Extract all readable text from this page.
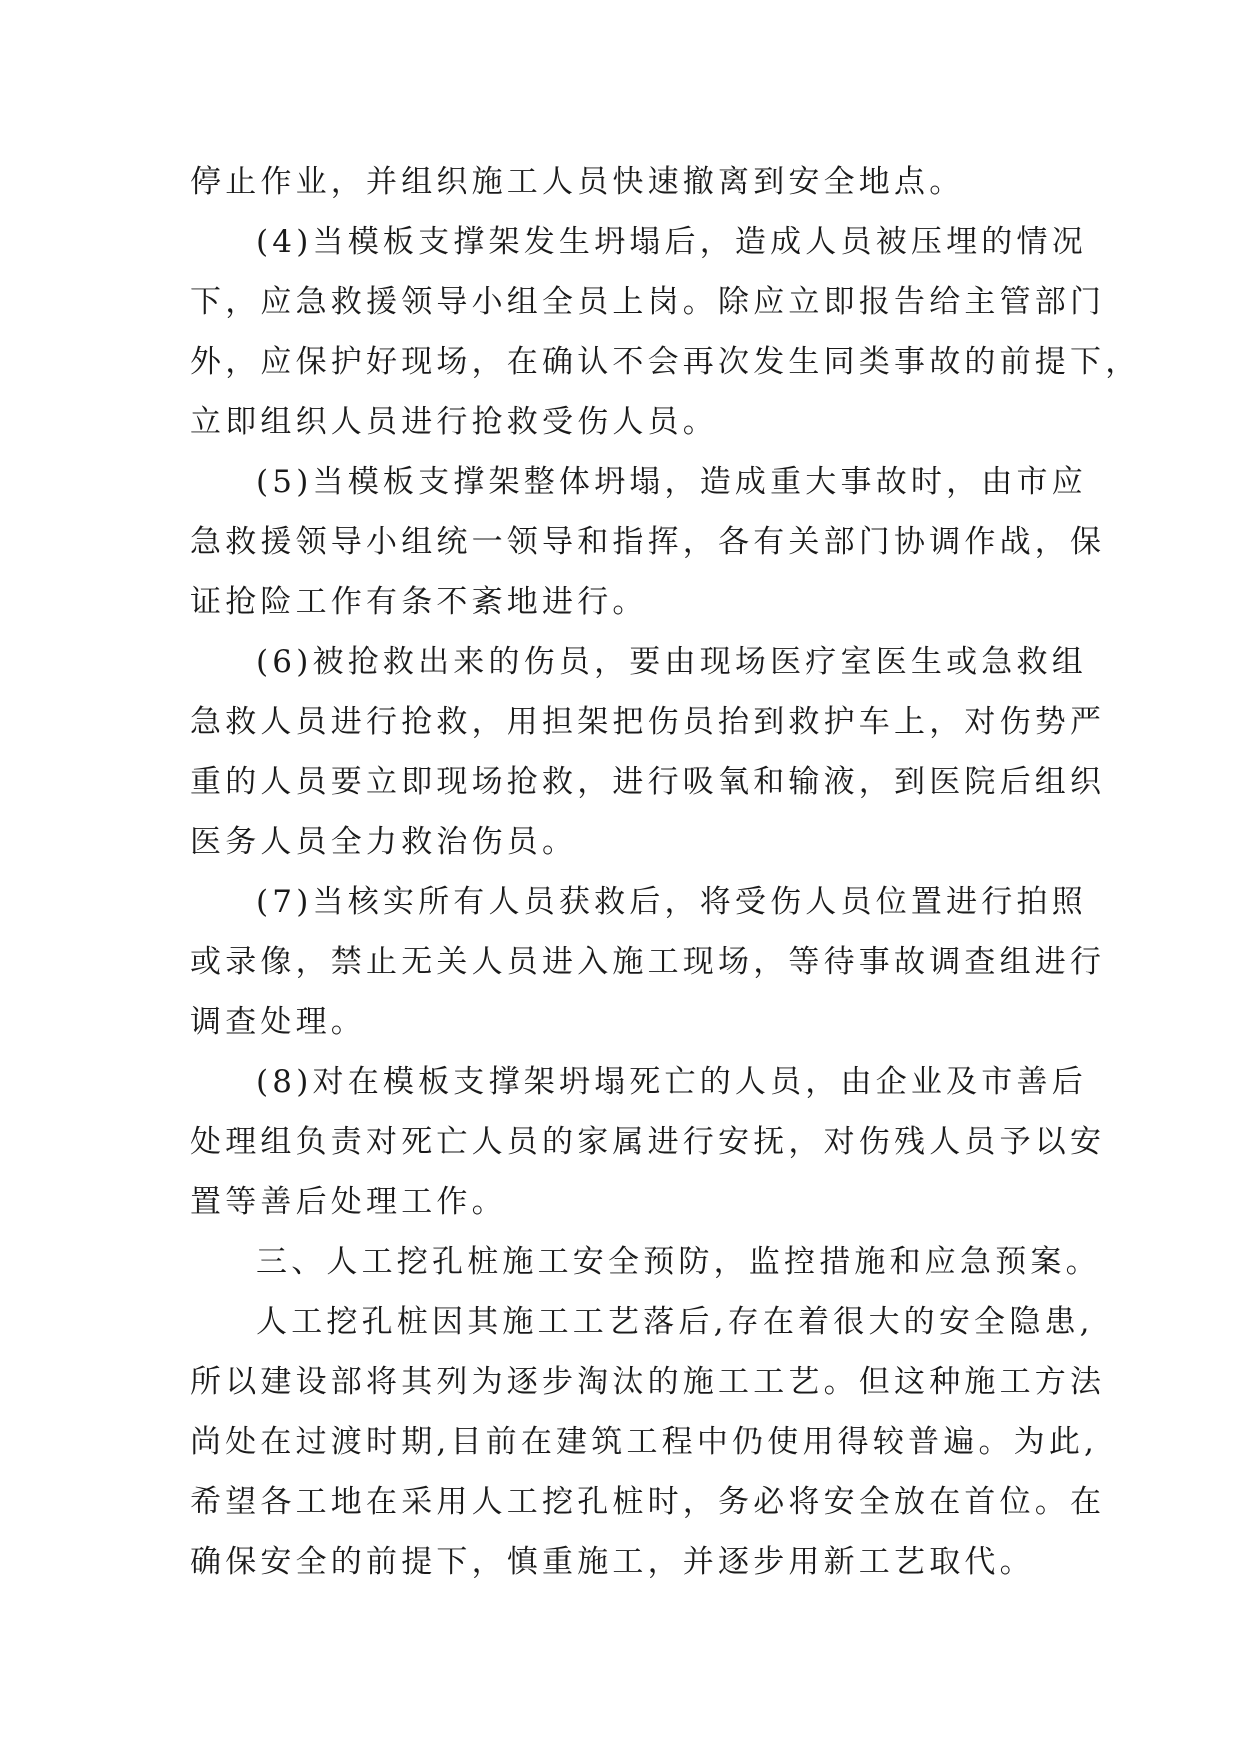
停止作业，并组织施工人员快速撤离到安全地点。
(4)当模板支撑架发生坍塌后，造成人员被压埋的情况
下，应急救援领导小组全员上岗。除应立即报告给主管部门
外，应保护好现场，在确认不会再次发生同类事故的前提下，
立即组织人员进行抢救受伤人员。
(5)当模板支撑架整体坍塌，造成重大事故时，由市应
急救援领导小组统一领导和指挥，各有关部门协调作战，保
证抢险工作有条不紊地进行。
(6)被抢救出来的伤员，要由现场医疗室医生或急救组
急救人员进行抢救，用担架把伤员抬到救护车上，对伤势严
重的人员要立即现场抢救，进行吸氧和输液，到医院后组织
医务人员全力救治伤员。
(7)当核实所有人员获救后，将受伤人员位置进行拍照
或录像，禁止无关人员进入施工现场，等待事故调查组进行
调查处理。
(8)对在模板支撑架坍塌死亡的人员，由企业及市善后
处理组负责对死亡人员的家属进行安抚，对伤残人员予以安
置等善后处理工作。
三、人工挖孔桩施工安全预防，监控措施和应急预案。
人工挖孔桩因其施工工艺落后,存在着很大的安全隐患,
所以建设部将其列为逐步淘汰的施工工艺。但这种施工方法
尚处在过渡时期,目前在建筑工程中仍使用得较普遍。为此,
希望各工地在采用人工挖孔桩时，务必将安全放在首位。在
确保安全的前提下，慎重施工，并逐步用新工艺取代。
